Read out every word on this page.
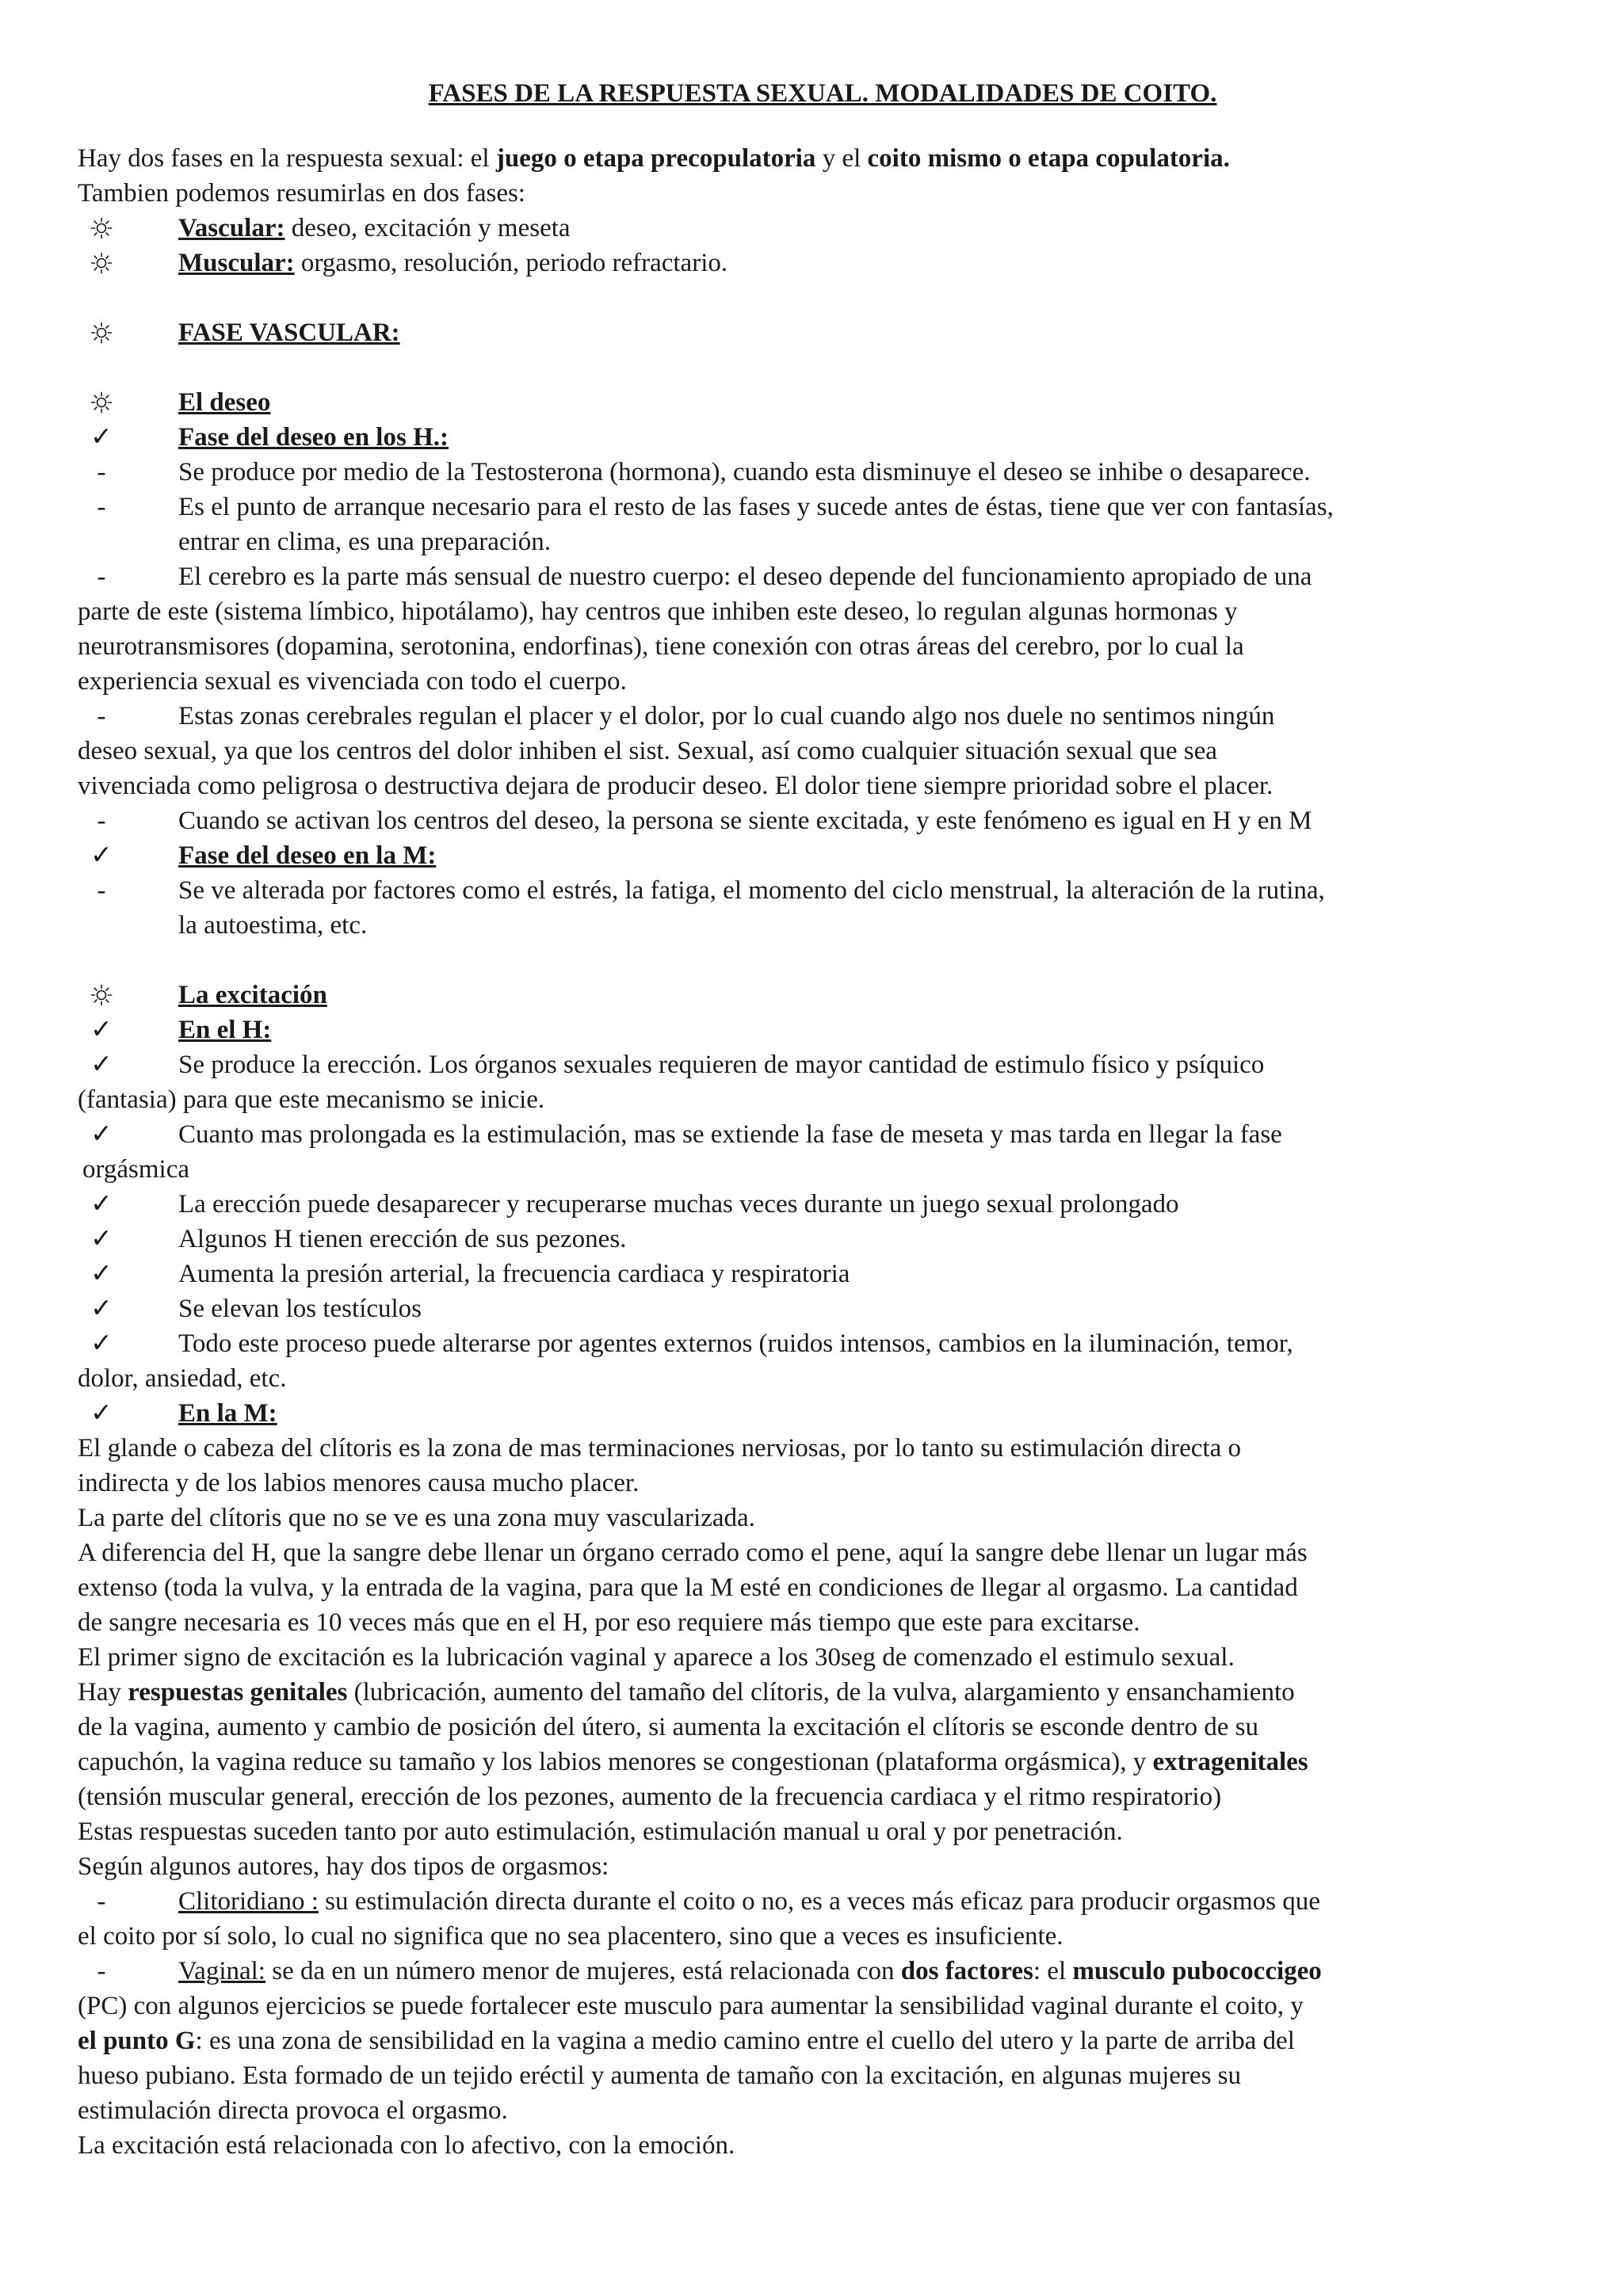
FASES DE LA RESPUESTA SEXUAL. MODALIDADES DE COITO.
Hay dos fases en la respuesta sexual: el juego o etapa precopulatoria y el coito mismo o etapa copulatoria.
Tambien podemos resumirlas en dos fases:
Vascular: deseo, excitación y meseta
Muscular: orgasmo, resolución, periodo refractario.
FASE VASCULAR:
El deseo
✓	Fase del deseo en los H.:
-	Se produce por medio de la Testosterona (hormona), cuando esta disminuye el deseo se inhibe o desaparece.
-	Es el punto de arranque necesario para el resto de las fases y sucede antes de éstas, tiene que ver con fantasías,
entrar en clima, es una preparación.
-	El cerebro es la parte más sensual de nuestro cuerpo: el deseo depende del funcionamiento apropiado de una
parte de este (sistema límbico, hipotálamo), hay centros que inhiben este deseo, lo regulan algunas hormonas y
neurotransmisores (dopamina, serotonina, endorfinas), tiene conexión con otras áreas del cerebro, por lo cual la
experiencia sexual es vivenciada con todo el cuerpo.
-	Estas zonas cerebrales regulan el placer y el dolor, por lo cual cuando algo nos duele no sentimos ningún
deseo sexual, ya que los centros del dolor inhiben el sist. Sexual, así como cualquier situación sexual que sea
vivenciada como peligrosa o destructiva dejara de producir deseo. El dolor tiene siempre prioridad sobre el placer.
-	Cuando se activan los centros del deseo, la persona se siente excitada, y este fenómeno es igual en H y en M
✓	Fase del deseo en la M:
-	Se ve alterada por factores como el estrés, la fatiga, el momento del ciclo menstrual, la alteración de la rutina,
la autoestima, etc.
La excitación
✓	En el H:
✓	Se produce la erección. Los órganos sexuales requieren de mayor cantidad de estimulo físico y psíquico
(fantasia) para que este mecanismo se inicie.
✓	Cuanto mas prolongada es la estimulación, mas se extiende la fase de meseta y mas tarda en llegar la fase
orgásmica
✓	La erección puede desaparecer y recuperarse muchas veces durante un juego sexual prolongado
✓	Algunos H tienen erección de sus pezones.
✓	Aumenta la presión arterial, la frecuencia cardiaca y respiratoria
✓	Se elevan los testículos
✓	Todo este proceso puede alterarse por agentes externos (ruidos intensos, cambios en la iluminación, temor,
dolor, ansiedad, etc.
✓	En la M:
El glande o cabeza del clítoris es la zona de mas terminaciones nerviosas, por lo tanto su estimulación directa o
indirecta y de los labios menores causa mucho placer.
La parte del clítoris que no se ve es una zona muy vascularizada.
A diferencia del H, que la sangre debe llenar un órgano cerrado como el pene, aquí la sangre debe llenar un lugar más
extenso (toda la vulva, y la entrada de la vagina, para que la M esté en condiciones de llegar al orgasmo. La cantidad
de sangre necesaria es 10 veces más que en el H, por eso requiere más tiempo que este para excitarse.
El primer signo de excitación es la lubricación vaginal y aparece a los 30seg de comenzado el estimulo sexual.
Hay respuestas genitales (lubricación, aumento del tamaño del clítoris, de la vulva, alargamiento y ensanchamiento
de la vagina, aumento y cambio de posición del útero, si aumenta la excitación el clítoris se esconde dentro de su
capuchón, la vagina reduce su tamaño y los labios menores se congestionan (plataforma orgásmica), y extragenitales
(tensión muscular general, erección de los pezones, aumento de la frecuencia cardiaca y el ritmo respiratorio)
Estas respuestas suceden tanto por auto estimulación, estimulación manual u oral y por penetración.
Según algunos autores, hay dos tipos de orgasmos:
-	Clitoridiano : su estimulación directa durante el coito o no, es a veces más eficaz para producir orgasmos que
el coito por sí solo, lo cual no significa que no sea placentero, sino que a veces es insuficiente.
-	Vaginal: se da en un número menor de mujeres, está relacionada con dos factores: el musculo pubococcigeo
(PC) con algunos ejercicios se puede fortalecer este musculo para aumentar la sensibilidad vaginal durante el coito, y
el punto G: es una zona de sensibilidad en la vagina a medio camino entre el cuello del utero y la parte de arriba del
hueso pubiano. Esta formado de un tejido eréctil y aumenta de tamaño con la excitación, en algunas mujeres su
estimulación directa provoca el orgasmo.
La excitación está relacionada con lo afectivo, con la emoción.
